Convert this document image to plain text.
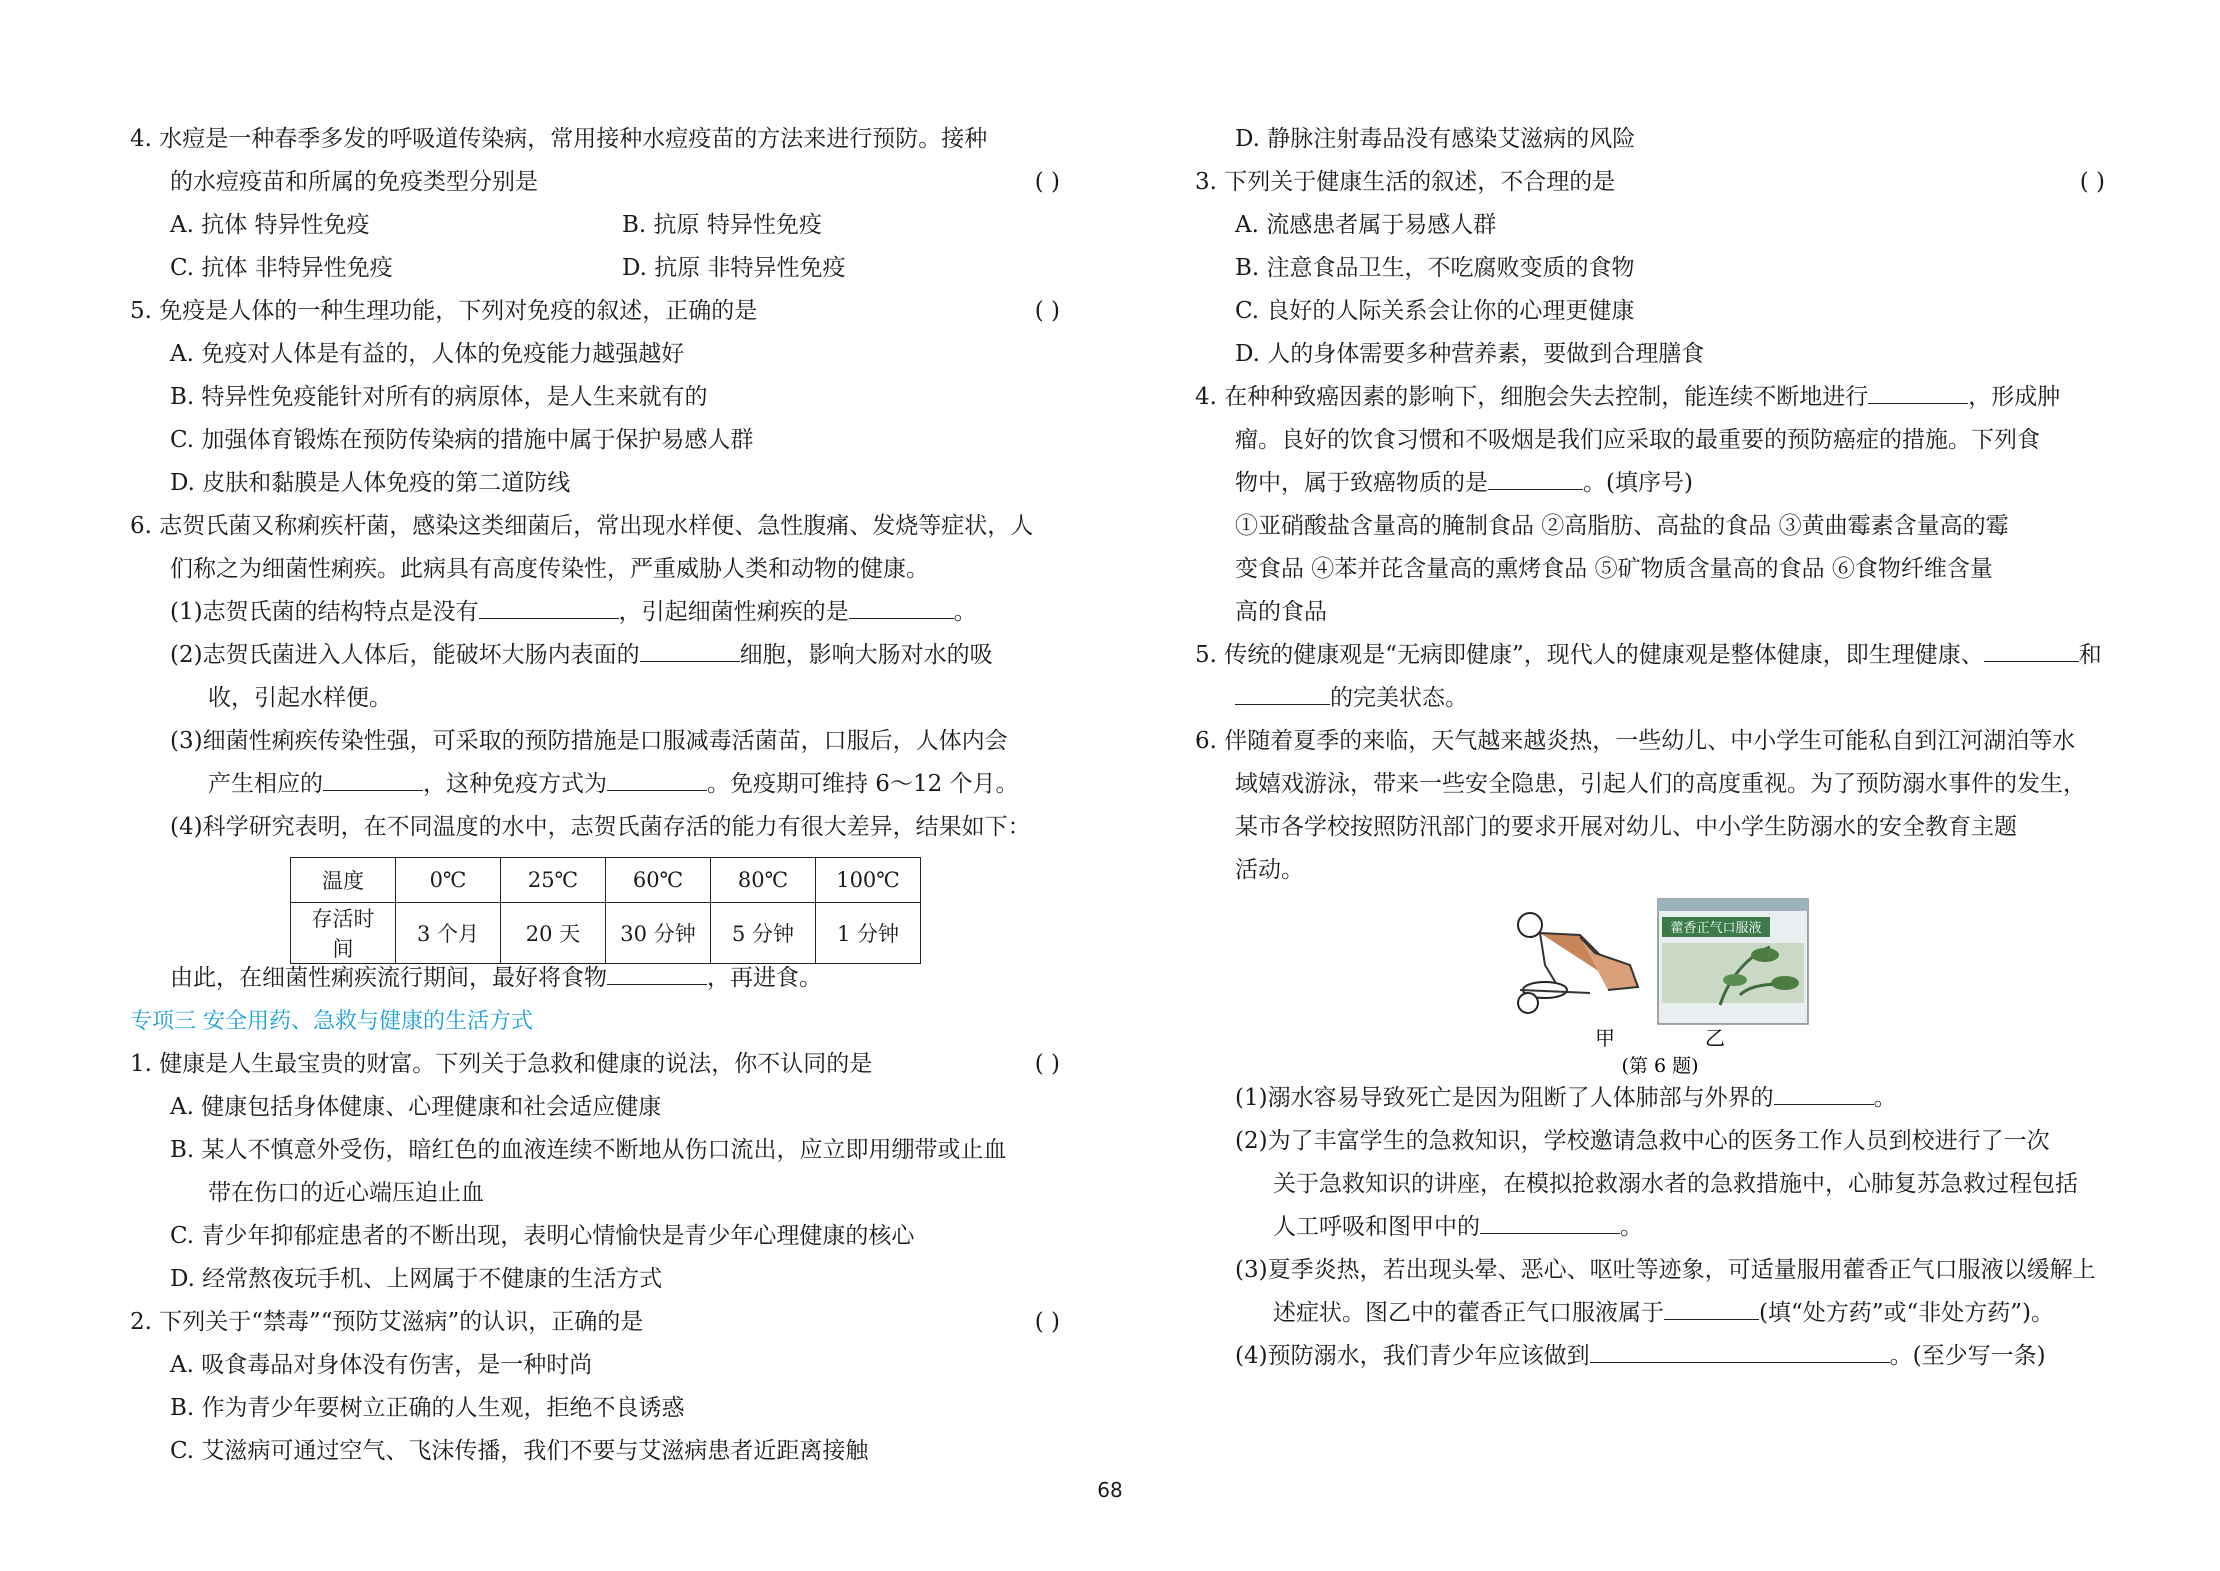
4. 水痘是一种春季多发的呼吸道传染病，常用接种水痘疫苗的方法来进行预防。接种
的水痘疫苗和所属的免疫类型分别是	( )
A. 抗体 特异性免疫	B. 抗原 特异性免疫
C. 抗体 非特异性免疫	D. 抗原 非特异性免疫
5. 免疫是人体的一种生理功能，下列对免疫的叙述，正确的是	( )
A. 免疫对人体是有益的，人体的免疫能力越强越好
B. 特异性免疫能针对所有的病原体，是人生来就有的
C. 加强体育锻炼在预防传染病的措施中属于保护易感人群
D. 皮肤和黏膜是人体免疫的第二道防线
6. 志贺氏菌又称痢疾杆菌，感染这类细菌后，常出现水样便、急性腹痛、发烧等症状，人
们称之为细菌性痢疾。此病具有高度传染性，严重威胁人类和动物的健康。
(1)志贺氏菌的结构特点是没有	，引起细菌性痢疾的是	。
(2)志贺氏菌进入人体后，能破坏大肠内表面的	细胞，影响大肠对水的吸
收，引起水样便。
(3)细菌性痢疾传染性强，可采取的预防措施是口服减毒活菌苗，口服后，人体内会
产生相应的	，这种免疫方式为	。免疫期可维持 6～12 个月。
(4)科学研究表明，在不同温度的水中，志贺氏菌存活的能力有很大差异，结果如下：
温度	0℃	25℃	60℃	80℃	100℃
存活时间	3 个月	20 天	30 分钟	5 分钟	1 分钟
由此，在细菌性痢疾流行期间，最好将食物	，再进食。
专项三 安全用药、急救与健康的生活方式
1. 健康是人生最宝贵的财富。下列关于急救和健康的说法，你不认同的是	( )
A. 健康包括身体健康、心理健康和社会适应健康
B. 某人不慎意外受伤，暗红色的血液连续不断地从伤口流出，应立即用绷带或止血
带在伤口的近心端压迫止血
C. 青少年抑郁症患者的不断出现，表明心情愉快是青少年心理健康的核心
D. 经常熬夜玩手机、上网属于不健康的生活方式
2. 下列关于“禁毒”“预防艾滋病”的认识，正确的是	( )
A. 吸食毒品对身体没有伤害，是一种时尚
B. 作为青少年要树立正确的人生观，拒绝不良诱惑
C. 艾滋病可通过空气、飞沫传播，我们不要与艾滋病患者近距离接触
D. 静脉注射毒品没有感染艾滋病的风险
3. 下列关于健康生活的叙述，不合理的是	( )
A. 流感患者属于易感人群
B. 注意食品卫生，不吃腐败变质的食物
C. 良好的人际关系会让你的心理更健康
D. 人的身体需要多种营养素，要做到合理膳食
4. 在种种致癌因素的影响下，细胞会失去控制，能连续不断地进行	，形成肿
瘤。良好的饮食习惯和不吸烟是我们应采取的最重要的预防癌症的措施。下列食
物中，属于致癌物质的是	。(填序号)
①亚硝酸盐含量高的腌制食品 ②高脂肪、高盐的食品 ③黄曲霉素含量高的霉
变食品 ④苯并芘含量高的熏烤食品 ⑤矿物质含量高的食品 ⑥食物纤维含量
高的食品
5. 传统的健康观是“无病即健康”，现代人的健康观是整体健康，即生理健康、	和
的完美状态。
6. 伴随着夏季的来临，天气越来越炎热，一些幼儿、中小学生可能私自到江河湖泊等水
域嬉戏游泳，带来一些安全隐患，引起人们的高度重视。为了预防溺水事件的发生，
某市各学校按照防汛部门的要求开展对幼儿、中小学生防溺水的安全教育主题
活动。
(1)溺水容易导致死亡是因为阻断了人体肺部与外界的	。
(2)为了丰富学生的急救知识，学校邀请急救中心的医务工作人员到校进行了一次
关于急救知识的讲座，在模拟抢救溺水者的急救措施中，心肺复苏急救过程包括
人工呼吸和图甲中的	。
(3)夏季炎热，若出现头晕、恶心、呕吐等迹象，可适量服用藿香正气口服液以缓解上
述症状。图乙中的藿香正气口服液属于	(填“处方药”或“非处方药”)。
(4)预防溺水，我们青少年应该做到	。(至少写一条)
藿香正气口服液
甲	乙
(第 6 题)
68
